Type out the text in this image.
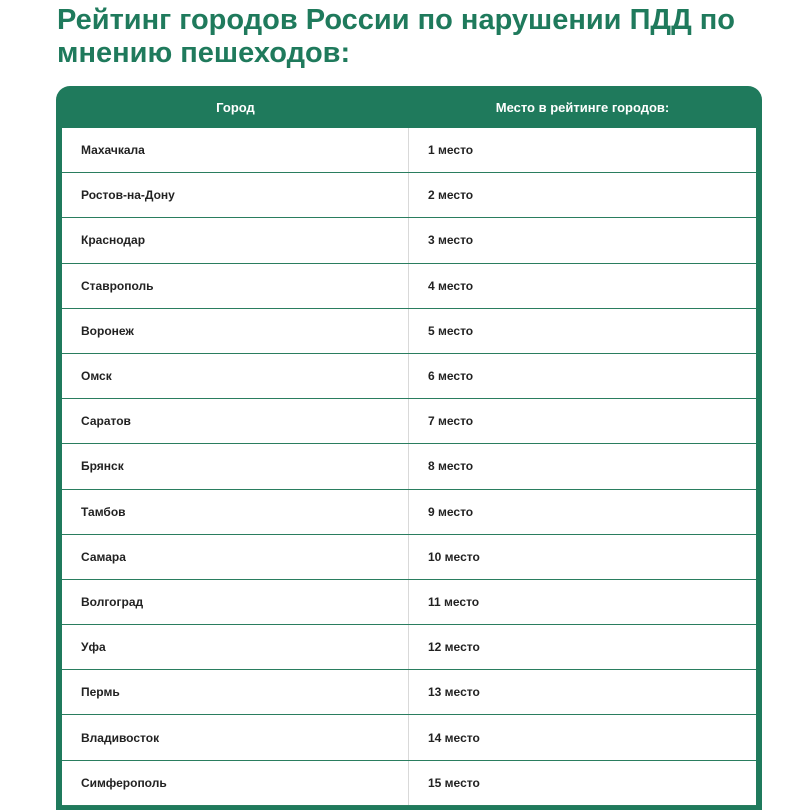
Рейтинг городов России по нарушении ПДД по мнению пешеходов:
Город	Место в рейтинге городов:
Махачкала	1 место
Ростов-на-Дону	2 место
Краснодар	3 место
Ставрополь	4 место
Воронеж	5 место
Омск	6 место
Саратов	7 место
Брянск	8 место
Тамбов	9 место
Самара	10 место
Волгоград	11 место
Уфа	12 место
Пермь	13 место
Владивосток	14 место
Симферополь	15 место
